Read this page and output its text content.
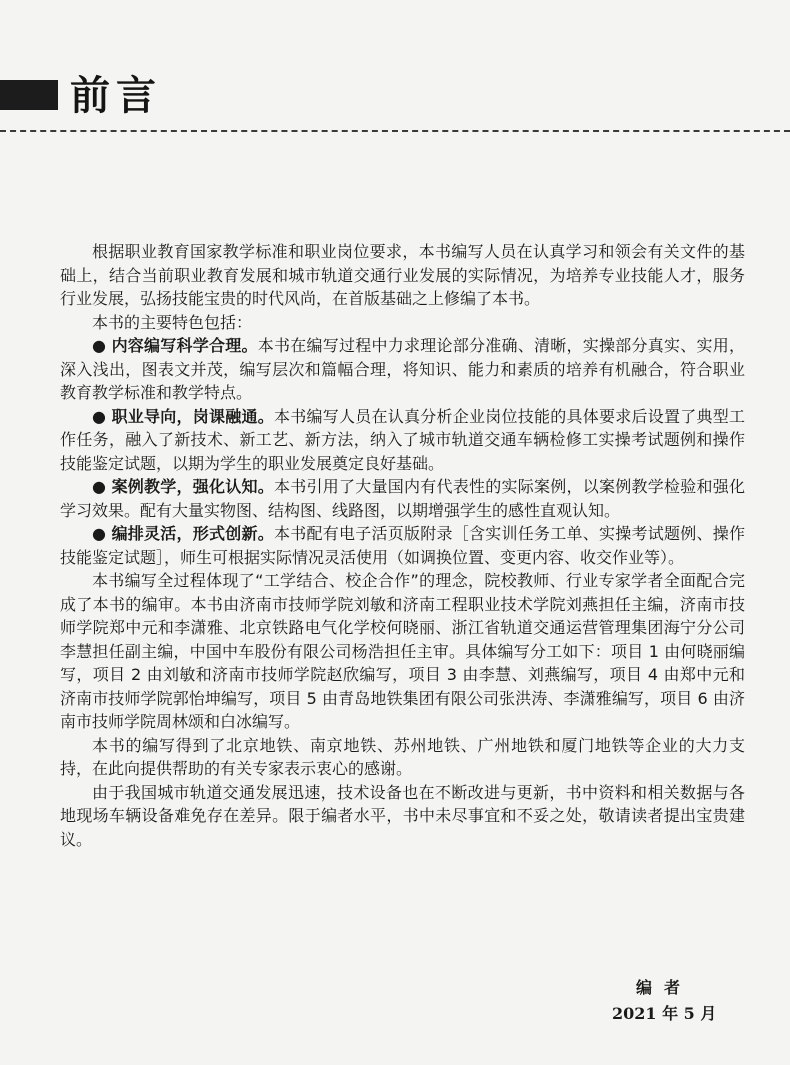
前言

根据职业教育国家教学标准和职业岗位要求，本书编写人员在认真学习和领会有关文件的基础上，结合当前职业教育发展和城市轨道交通行业发展的实际情况，为培养专业技能人才，服务行业发展，弘扬技能宝贵的时代风尚，在首版基础之上修编了本书。

本书的主要特色包括：

● 内容编写科学合理。本书在编写过程中力求理论部分准确、清晰，实操部分真实、实用，深入浅出，图表文并茂，编写层次和篇幅合理，将知识、能力和素质的培养有机融合，符合职业教育教学标准和教学特点。

● 职业导向，岗课融通。本书编写人员在认真分析企业岗位技能的具体要求后设置了典型工作任务，融入了新技术、新工艺、新方法，纳入了城市轨道交通车辆检修工实操考试题例和操作技能鉴定试题，以期为学生的职业发展奠定良好基础。

● 案例教学，强化认知。本书引用了大量国内有代表性的实际案例，以案例教学检验和强化学习效果。配有大量实物图、结构图、线路图，以期增强学生的感性直观认知。

● 编排灵活，形式创新。本书配有电子活页版附录［含实训任务工单、实操考试题例、操作技能鉴定试题］，师生可根据实际情况灵活使用（如调换位置、变更内容、收交作业等）。

本书编写全过程体现了“工学结合、校企合作”的理念，院校教师、行业专家学者全面配合完成了本书的编审。本书由济南市技师学院刘敏和济南工程职业技术学院刘燕担任主编，济南市技师学院郑中元和李潇雅、北京铁路电气化学校何晓丽、浙江省轨道交通运营管理集团海宁分公司李慧担任副主编，中国中车股份有限公司杨浩担任主审。具体编写分工如下：项目 1 由何晓丽编写，项目 2 由刘敏和济南市技师学院赵欣编写，项目 3 由李慧、刘燕编写，项目 4 由郑中元和济南市技师学院郭怡坤编写，项目 5 由青岛地铁集团有限公司张洪涛、李潇雅编写，项目 6 由济南市技师学院周林颂和白冰编写。

本书的编写得到了北京地铁、南京地铁、苏州地铁、广州地铁和厦门地铁等企业的大力支持，在此向提供帮助的有关专家表示衷心的感谢。

由于我国城市轨道交通发展迅速，技术设备也在不断改进与更新，书中资料和相关数据与各地现场车辆设备难免存在差异。限于编者水平，书中未尽事宜和不妥之处，敬请读者提出宝贵建议。

编者
2021 年 5 月
